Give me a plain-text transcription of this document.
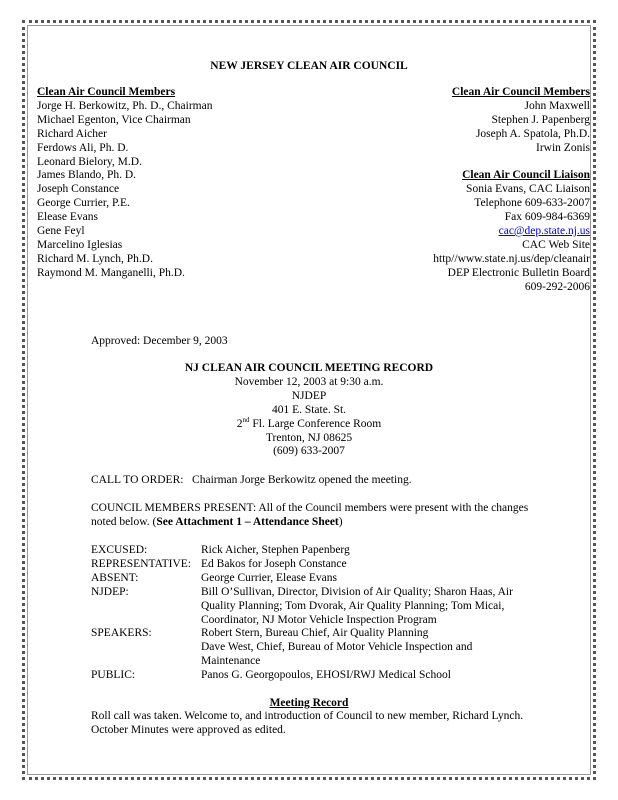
NEW JERSEY CLEAN AIR COUNCIL
Clean Air Council Members
Jorge H. Berkowitz, Ph. D., Chairman
Michael Egenton, Vice Chairman
Richard Aicher
Ferdows Ali, Ph. D.
Leonard Bielory, M.D.
James Blando, Ph. D.
Joseph Constance
George Currier, P.E.
Elease Evans
Gene Feyl
Marcelino Iglesias
Richard M. Lynch, Ph.D.
Raymond M. Manganelli, Ph.D.
Clean Air Council Members
John Maxwell
Stephen J. Papenberg
Joseph A. Spatola, Ph.D.
Irwin Zonis
Clean Air Council Liaison
Sonia Evans, CAC Liaison
Telephone 609-633-2007
Fax 609-984-6369
cac@dep.state.nj.us
CAC Web Site
http//www.state.nj.us/dep/cleanair
DEP Electronic Bulletin Board
609-292-2006
Approved: December 9, 2003
NJ CLEAN AIR COUNCIL MEETING RECORD
November 12, 2003 at 9:30 a.m.
NJDEP
401 E. State. St.
2nd Fl. Large Conference Room
Trenton, NJ 08625
(609) 633-2007
CALL TO ORDER:   Chairman Jorge Berkowitz opened the meeting.
COUNCIL MEMBERS PRESENT: All of the Council members were present with the changes noted below. (See Attachment 1 – Attendance Sheet)
EXCUSED:	Rick Aicher, Stephen Papenberg
REPRESENTATIVE: Ed Bakos for Joseph Constance
ABSENT:	George Currier, Elease Evans
NJDEP:	Bill O’Sullivan, Director, Division of Air Quality; Sharon Haas, Air Quality Planning; Tom Dvorak, Air Quality Planning; Tom Micai, Coordinator, NJ Motor Vehicle Inspection Program
SPEAKERS:	Robert Stern, Bureau Chief, Air Quality Planning
Dave West, Chief, Bureau of Motor Vehicle Inspection and Maintenance
PUBLIC:	Panos G. Georgopoulos, EHOSI/RWJ Medical School
Meeting Record
Roll call was taken. Welcome to, and introduction of Council to new member, Richard Lynch. October Minutes were approved as edited.
